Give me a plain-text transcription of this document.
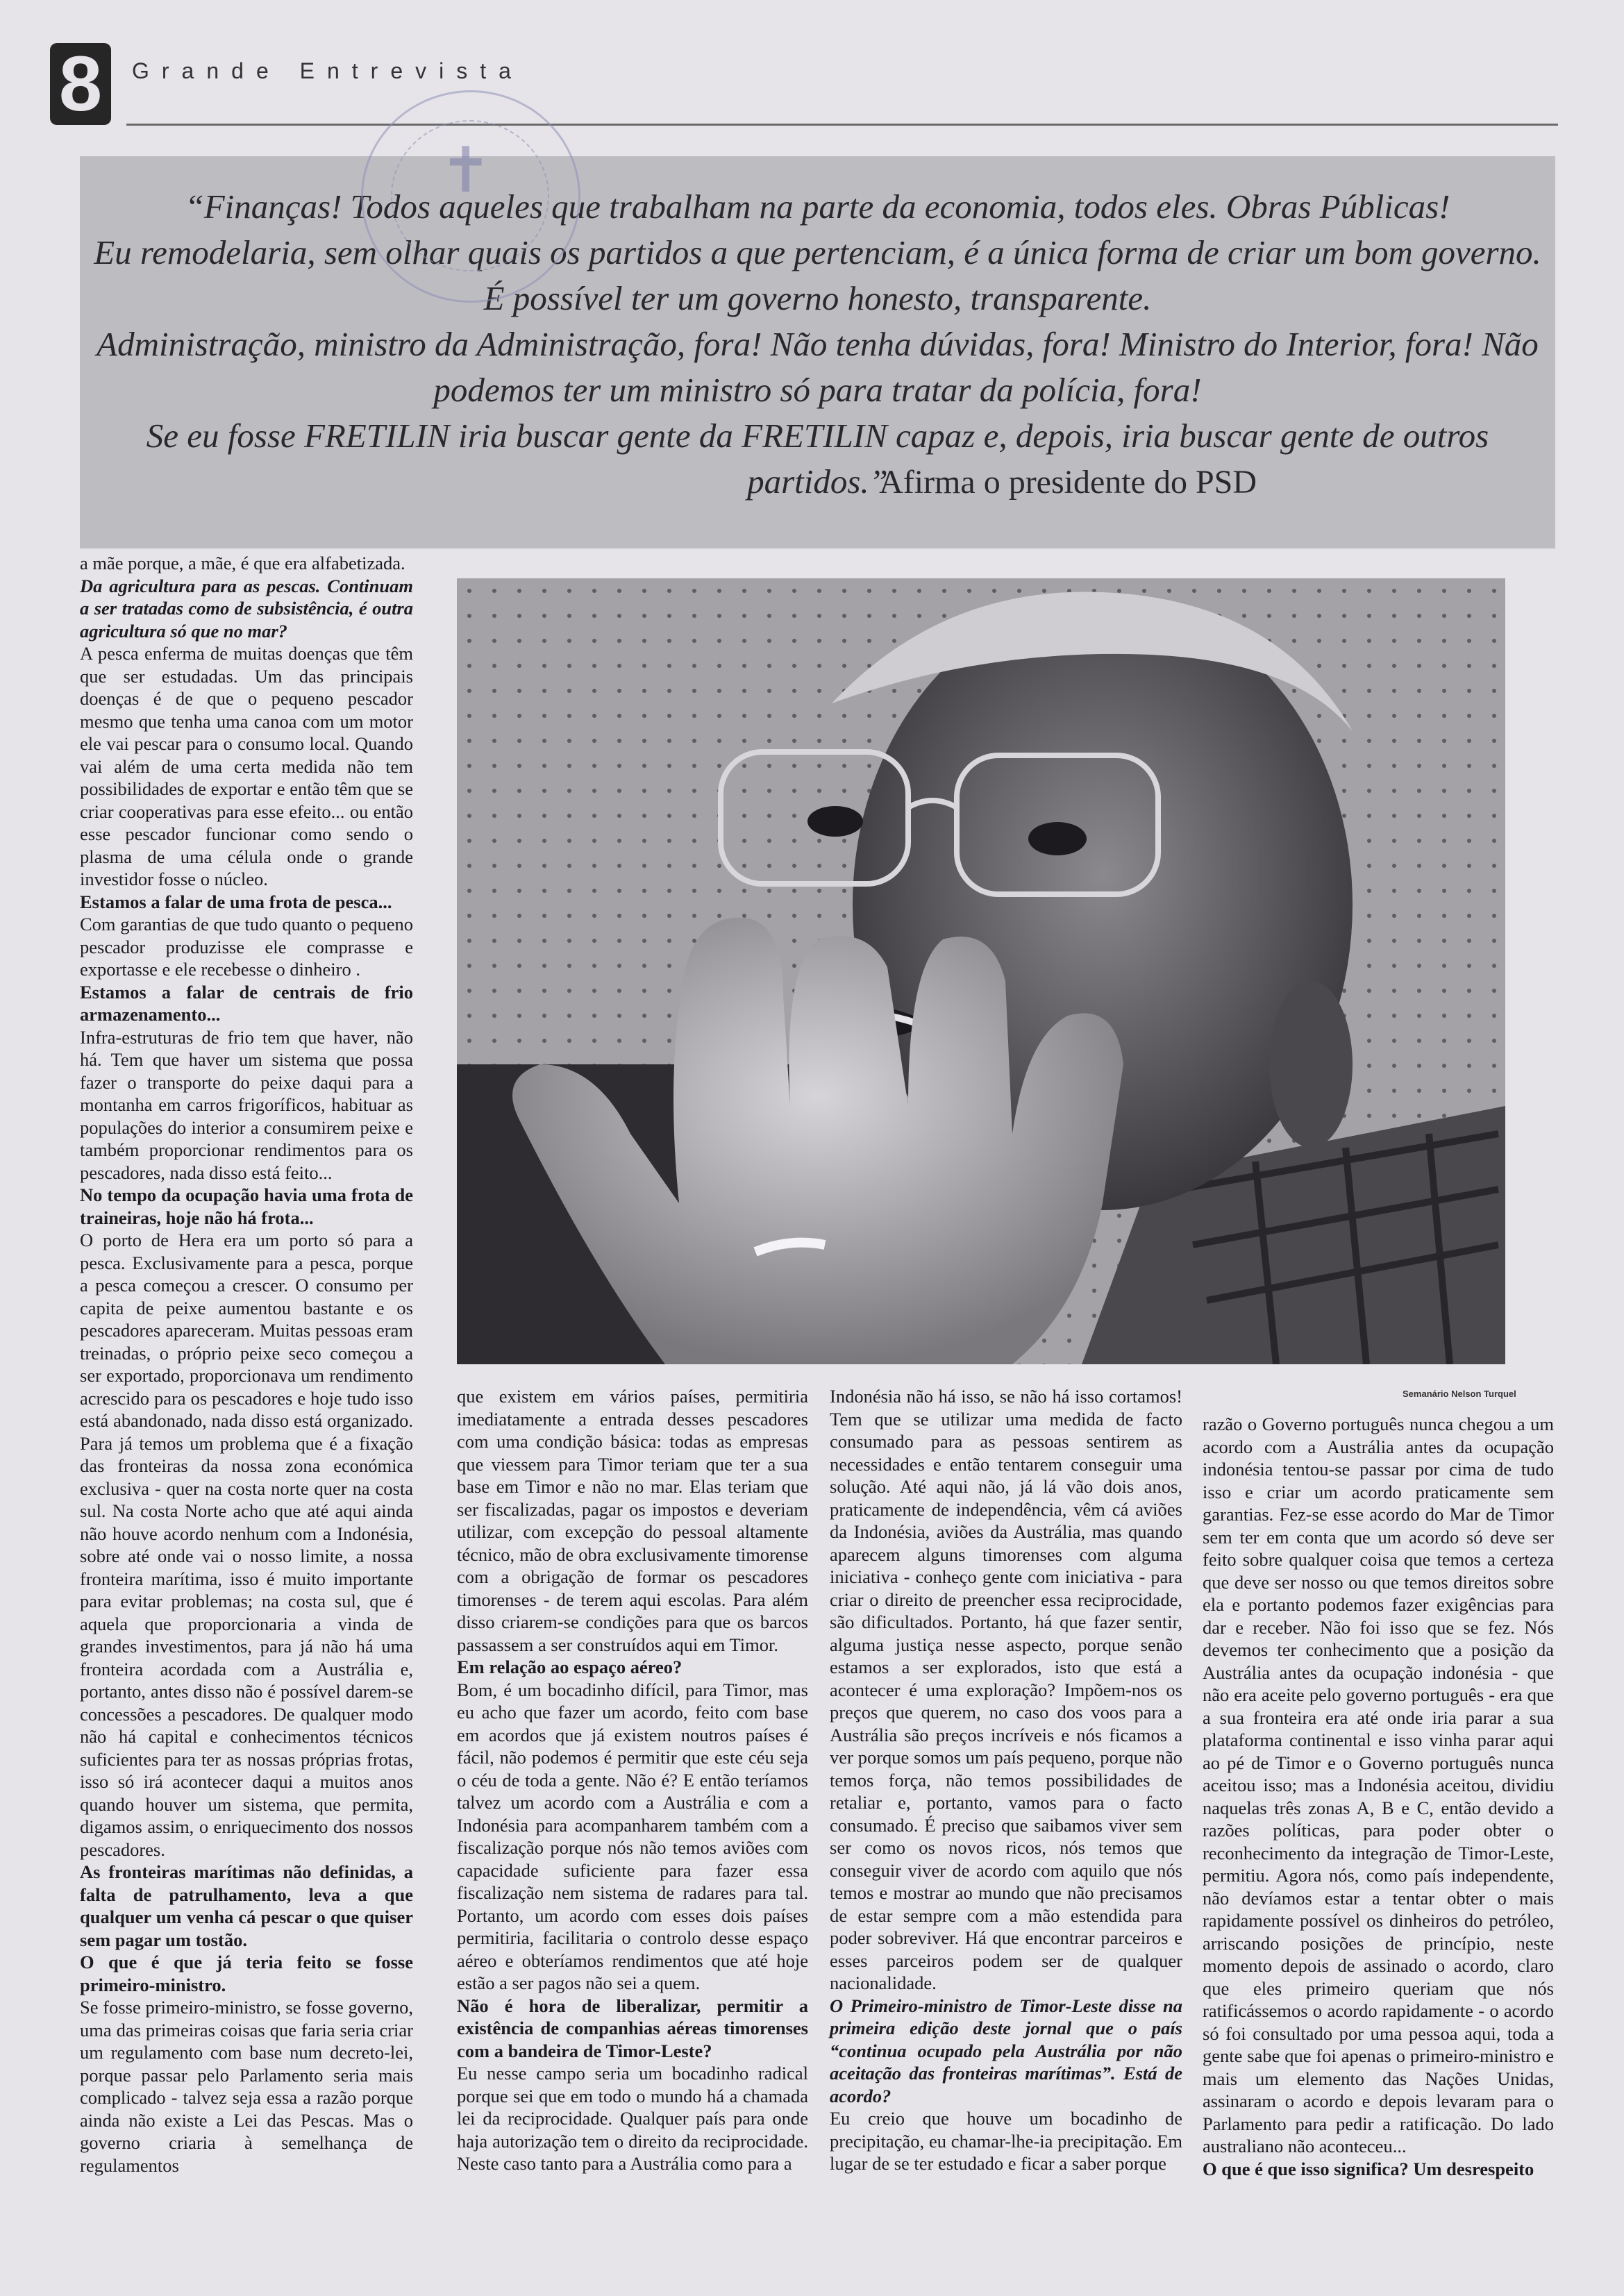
8	Grande Entrevista

“Finanças! Todos aqueles que trabalham na parte da economia, todos eles. Obras Públicas!

Eu remodelaria, sem olhar quais os partidos a que pertenciam, é a única forma de criar um bom governo.

É possível ter um governo honesto, transparente.

Administração, ministro da Administração, fora! Não tenha dúvidas, fora! Ministro do Interior, fora! Não podemos ter um ministro só para tratar da polícia, fora!

Se eu fosse FRETILIN iria buscar gente da FRETILIN capaz e, depois, iria buscar gente de outros partidos.”

Afirma o presidente do PSD
✝
Semanário Nelson Turquel

a mãe porque, a mãe, é que era alfabetizada.

Da agricultura para as pescas. Continuam a ser tratadas como de subsistência, é outra agricultura só que no mar?

A pesca enferma de muitas doenças que têm que ser estudadas. Um das principais doenças é de que o pequeno pescador mesmo que tenha uma canoa com um motor ele vai pescar para o consumo local. Quando vai além de uma certa medida não tem possibilidades de exportar e então têm que se criar cooperativas para esse efeito... ou então esse pescador funcionar como sendo o plasma de uma célula onde o grande investidor fosse o núcleo.

Estamos a falar de uma frota de pesca...

Com garantias de que tudo quanto o pequeno pescador produzisse ele comprasse e exportasse e ele recebesse o dinheiro .

Estamos a falar de centrais de frio armazenamento...

Infra-estruturas de frio tem que haver, não há. Tem que haver um sistema que possa fazer o transporte do peixe daqui para a montanha em carros frigoríficos, habituar as populações do interior a consumirem peixe e também proporcionar rendimentos para os pescadores, nada disso está feito...

No tempo da ocupação havia uma frota de traineiras, hoje não há frota...

O porto de Hera era um porto só para a pesca. Exclusivamente para a pesca, porque a pesca começou a crescer. O consumo per capita de peixe aumentou bastante e os pescadores apareceram. Muitas pessoas eram treinadas, o próprio peixe seco começou a ser exportado, proporcionava um rendimento acrescido para os pescadores e hoje tudo isso está abandonado, nada disso está organizado. Para já temos um problema que é a fixação das fronteiras da nossa zona económica exclusiva - quer na costa norte quer na costa sul. Na costa Norte acho que até aqui ainda não houve acordo nenhum com a Indonésia, sobre até onde vai o nosso limite, a nossa fronteira marítima, isso é muito importante para evitar problemas; na costa sul, que é aquela que proporcionaria a vinda de grandes investimentos, para já não há uma fronteira acordada com a Austrália e, portanto, antes disso não é possível darem-se concessões a pescadores. De qualquer modo não há capital e conhecimentos técnicos suficientes para ter as nossas próprias frotas, isso só irá acontecer daqui a muitos anos quando houver um sistema, que permita, digamos assim, o enriquecimento dos nossos pescadores.

As fronteiras marítimas não definidas, a falta de patrulhamento, leva a que qualquer um venha cá pescar o que quiser sem pagar um tostão.

O que é que já teria feito se fosse primeiro-ministro.

Se fosse primeiro-ministro, se fosse governo, uma das primeiras coisas que faria seria criar um regulamento com base num decreto-lei, porque passar pelo Parlamento seria mais complicado - talvez seja essa a razão porque ainda não existe a Lei das Pescas. Mas o governo criaria à semelhança de regulamentos

que existem em vários países, permitiria imediatamente a entrada desses pescadores com uma condição básica: todas as empresas que viessem para Timor teriam que ter a sua base em Timor e não no mar. Elas teriam que ser fiscalizadas, pagar os impostos e deveriam utilizar, com excepção do pessoal altamente técnico, mão de obra exclusivamente timorense com a obrigação de formar os pescadores timorenses - de terem aqui escolas. Para além disso criarem-se condições para que os barcos passassem a ser construídos aqui em Timor.

Em relação ao espaço aéreo?

Bom, é um bocadinho difícil, para Timor, mas eu acho que fazer um acordo, feito com base em acordos que já existem noutros países é fácil, não podemos é permitir que este céu seja o céu de toda a gente. Não é? E então teríamos talvez um acordo com a Austrália e com a Indonésia para acompanharem também com a fiscalização porque nós não temos aviões com capacidade suficiente para fazer essa fiscalização nem sistema de radares para tal. Portanto, um acordo com esses dois países permitiria, facilitaria o controlo desse espaço aéreo e obteríamos rendimentos que até hoje estão a ser pagos não sei a quem.

Não é hora de liberalizar, permitir a existência de companhias aéreas timorenses com a bandeira de Timor-Leste?

Eu nesse campo seria um bocadinho radical porque sei que em todo o mundo há a chamada lei da reciprocidade. Qualquer país para onde haja autorização tem o direito da reciprocidade. Neste caso tanto para a Austrália como para a

Indonésia não há isso, se não há isso cortamos! Tem que se utilizar uma medida de facto consumado para as pessoas sentirem as necessidades e então tentarem conseguir uma solução. Até aqui não, já lá vão dois anos, praticamente de independência, vêm cá aviões da Indonésia, aviões da Austrália, mas quando aparecem alguns timorenses com alguma iniciativa - conheço gente com iniciativa - para criar o direito de preencher essa reciprocidade, são dificultados. Portanto, há que fazer sentir, alguma justiça nesse aspecto, porque senão estamos a ser explorados, isto que está a acontecer é uma exploração? Impõem-nos os preços que querem, no caso dos voos para a Austrália são preços incríveis e nós ficamos a ver porque somos um país pequeno, porque não temos força, não temos possibilidades de retaliar e, portanto, vamos para o facto consumado. É preciso que saibamos viver sem ser como os novos ricos, nós temos que conseguir viver de acordo com aquilo que nós temos e mostrar ao mundo que não precisamos de estar sempre com a mão estendida para poder sobreviver. Há que encontrar parceiros e esses parceiros podem ser de qualquer nacionalidade.

O Primeiro-ministro de Timor-Leste disse na primeira edição deste jornal que o país “continua ocupado pela Austrália por não aceitação das fronteiras marítimas”. Está de acordo?

Eu creio que houve um bocadinho de precipitação, eu chamar-lhe-ia precipitação. Em lugar de se ter estudado e ficar a saber porque

razão o Governo português nunca chegou a um acordo com a Austrália antes da ocupação indonésia tentou-se passar por cima de tudo isso e criar um acordo praticamente sem garantias. Fez-se esse acordo do Mar de Timor sem ter em conta que um acordo só deve ser feito sobre qualquer coisa que temos a certeza que deve ser nosso ou que temos direitos sobre ela e portanto podemos fazer exigências para dar e receber. Não foi isso que se fez. Nós devemos ter conhecimento que a posição da Austrália antes da ocupação indonésia - que não era aceite pelo governo português - era que a sua fronteira era até onde iria parar a sua plataforma continental e isso vinha parar aqui ao pé de Timor e o Governo português nunca aceitou isso; mas a Indonésia aceitou, dividiu naquelas três zonas A, B e C, então devido a razões políticas, para poder obter o reconhecimento da integração de Timor-Leste, permitiu. Agora nós, como país independente, não devíamos estar a tentar obter o mais rapidamente possível os dinheiros do petróleo, arriscando posições de princípio, neste momento depois de assinado o acordo, claro que eles primeiro queriam que nós ratificássemos o acordo rapidamente - o acordo só foi consultado por uma pessoa aqui, toda a gente sabe que foi apenas o primeiro-ministro e mais um elemento das Nações Unidas, assinaram o acordo e depois levaram para o Parlamento para pedir a ratificação. Do lado australiano não aconteceu...

O que é que isso significa? Um desrespeito
